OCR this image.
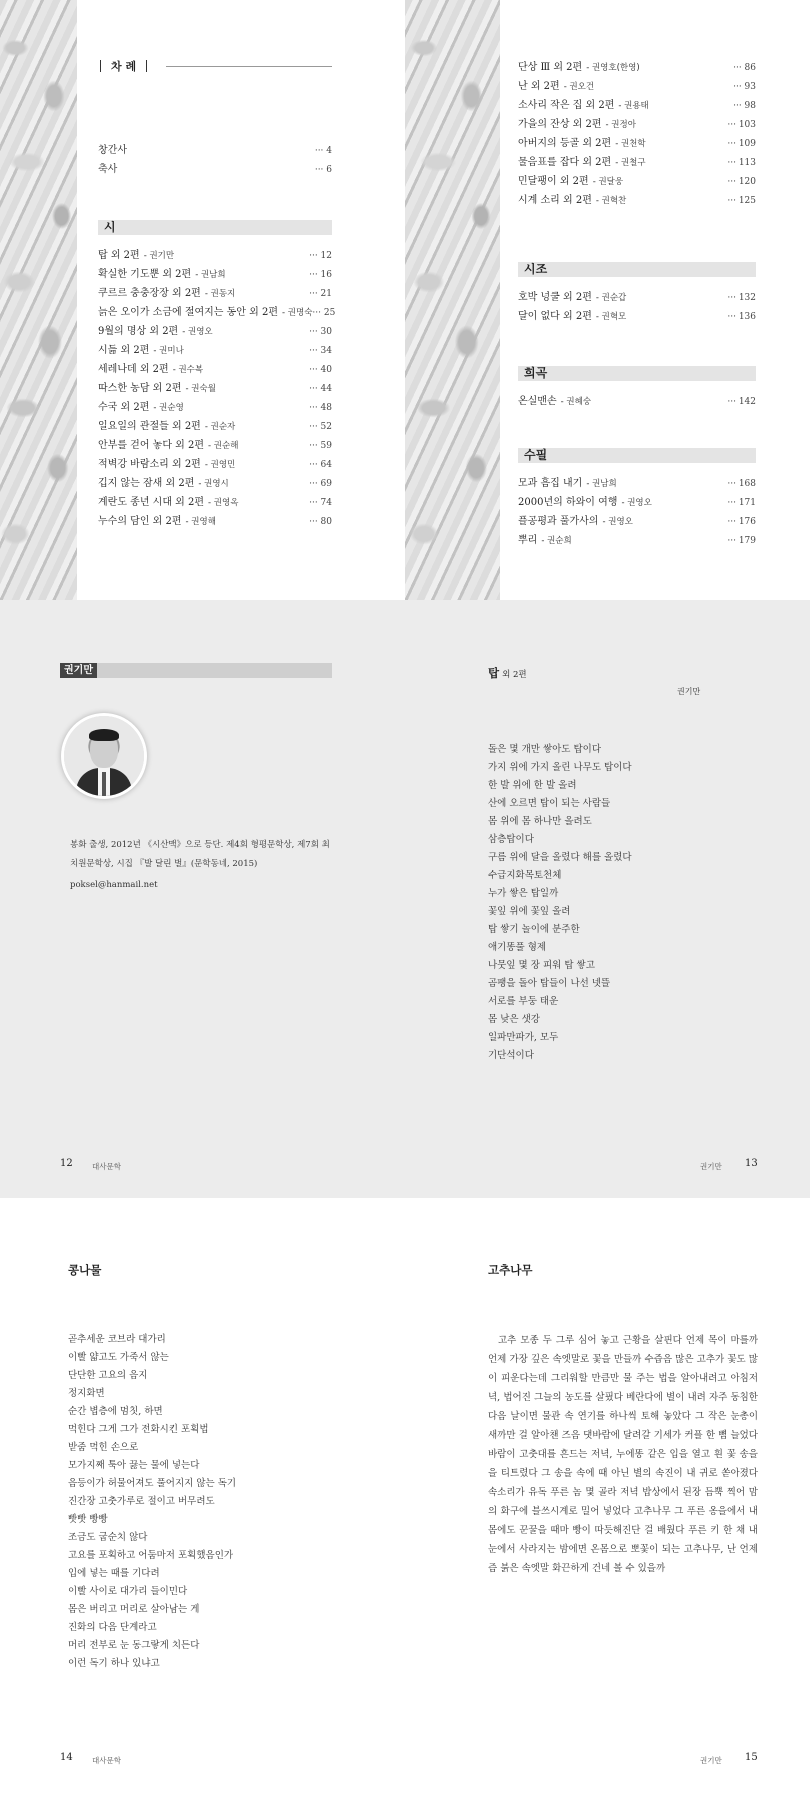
차 례
창간사	··· 4
축사	··· 6
시
탑 외 2편 - 권기만	··· 12
확실한 기도뿐 외 2편 - 권남희	··· 16
쿠르르 충충장장 외 2편 - 권동지	··· 21
늙은 오이가 소금에 절여지는 동안 외 2편 - 권명숙 ··· 25
9월의 명상 외 2편 - 권영오	··· 30
시듦 외 2편 - 권미나	··· 34
세레나데 외 2편 - 권수복	··· 40
따스한 농담 외 2편 - 권숙월	··· 44
수국 외 2편 - 권순영	··· 48
일요일의 관절들 외 2편 - 권순자	··· 52
안부를 걷어 놓다 외 2편 - 권순해	··· 59
적벽강 바람소리 외 2편 - 권영민	··· 64
깁지 않는 잠새 외 2편 - 권영시	··· 69
계란도 종년 시대 외 2편 - 권영옥	··· 74
누수의 담인 외 2편 - 권영해	··· 80
단상 Ⅲ 외 2편 - 권영호(한영)	··· 86
난 외 2편 - 권오건	··· 93
소사리 작은 집 외 2편 - 권용태	··· 98
가을의 잔상 외 2편 - 권정아	··· 103
아버지의 등골 외 2편 - 권천학	··· 109
물음표를 잡다 외 2편 - 권철구	··· 113
민달팽이 외 2편 - 권달웅	··· 120
시계 소리 외 2편 - 권혁찬	··· 125
시조
호박 넝쿨 외 2편 - 권순갑	··· 132
달이 없다 외 2편 - 권혁모	··· 136
희곡
온실맨손 - 권혜숭	··· 142
수필
모과 흠집 내기 - 권남희	··· 168
2000년의 하와이 여행 - 권영오	··· 171
플공평과 풀가사의 - 권영오	··· 176
뿌리 - 권순희	··· 179
권기만
봉화 출생, 2012년 《시산맥》으로 등단. 제4회 형평문학상, 제7회 최치원문학상, 시집 『발 달린 벌』(문학동네, 2015)
poksel@hanmail.net
12	대사문학
탑 외 2편
권기만
돌은 몇 개만 쌓아도 탑이다
가지 위에 가지 올린 나무도 탑이다
한 발 위에 한 발 올려
산에 오르면 탑이 되는 사람들
몸 위에 몸 하나만 올려도
삼층탑이다
구름 위에 달을 올렸다 해를 올렸다
수급지화목토천체
누가 쌓은 탑일까
꽃잎 위에 꽃잎 올려
탑 쌓기 놀이에 분주한
애기똥풀 형제
나뭇잎 몇 장 피워 탑 쌓고
곰팽을 돌아 탑들이 나선 넷뜰
서로를 부둥 태운
몸 낮은 샛강
일파만파가, 모두
기단석이다
권기만 13
콩나물
곧추세운 코브라 대가리
이빨 얇고도 가죽서 않는
단단한 고요의 음지
정지화면
순간 볍층에 멈칫, 하면
먹힌다 그게 그가 전화시킨 포획법
받줌 먹힌 손으로
모가지째 툭아 끓는 물에 넣는다
음등이가 허물어져도 풀어지지 않는 독기
진간장 고춧가루로 절이고 버무려도
빳빳 빵빵
조금도 굽순치 않다
고요를 포획하고 어둠마저 포획했음인가
입에 넣는 때를 기다려
이빨 사이로 대가리 들이민다
몸은 버리고 머리로 살아남는 게
진화의 다음 단계라고
머리 전부로 눈 동그랗게 치든다
이런 독기 하나 있냐고
14	대사문학
고추나무
고추 모종 두 그루 심어 놓고 근황을 살핀다 언제 목이 마를까 언제 가장 깊은 속엣말로 꽃을 만들까 수즙음 많은 고추가 꽃도 많이 피운다는데 그리워할 만큼만 물 주는 법을 알아내려고 아침저녁, 법어진 그늘의 농도를 살핐다 베란다에 별이 내려 자주 동침한 다음 날이면 물관 속 연기를 하나씩 토해 놓았다 그 작은 눈총이 새까만 걸 알아챈 즈음 댓바람에 달려갈 기세가 커플 한 뼘 늘었다 바람이 고춧대를 흔드는 저녁, 누에똥 같은 입을 열고 흰 꽃 송을 을 티트렸다 그 송을 속에 때 아닌 별의 속진이 내 귀로 쏟아졌다 속소리가 유독 푸른 놈 몇 골라 저녁 밥상에서 된장 듬뿍 찍어 맘의 화구에 블쓰시계로 밀어 넣었다 고추나무 그 푸른 옹을에서 내 몸에도 꾼꿀을 때마 빵이 따듯해진단 걸 배웠다 푸른 키 한 채 내 눈에서 사라지는 밤에면 온몸으로 뽀꽃이 되는 고추나무, 난 언제 즘 붉은 속엣말 화끈하게 건네 볼 수 있을까
권기만 15
